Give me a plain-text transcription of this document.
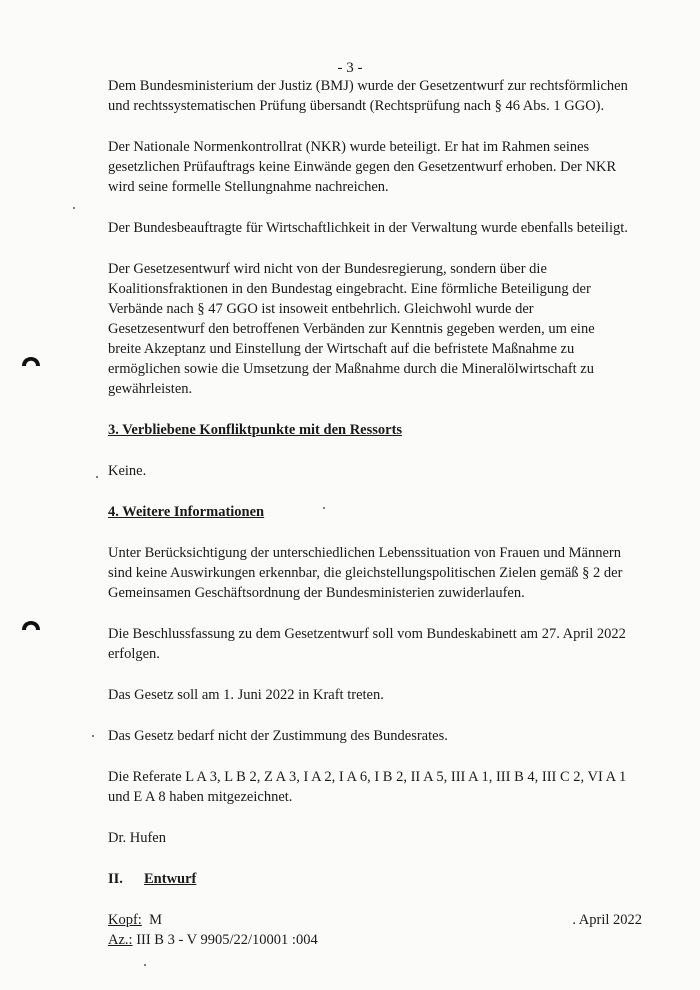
- 3 -

Dem Bundesministerium der Justiz (BMJ) wurde der Gesetzentwurf zur rechtsförmlichen und rechtssystematischen Prüfung übersandt (Rechtsprüfung nach § 46 Abs. 1 GGO).

Der Nationale Normenkontrollrat (NKR) wurde beteiligt. Er hat im Rahmen seines gesetzlichen Prüfauftrags keine Einwände gegen den Gesetzentwurf erhoben. Der NKR wird seine formelle Stellungnahme nachreichen.

Der Bundesbeauftragte für Wirtschaftlichkeit in der Verwaltung wurde ebenfalls beteiligt.

Der Gesetzesentwurf wird nicht von der Bundesregierung, sondern über die Koalitionsfraktionen in den Bundestag eingebracht. Eine förmliche Beteiligung der Verbände nach § 47 GGO ist insoweit entbehrlich. Gleichwohl wurde der Gesetzesentwurf den betroffenen Verbänden zur Kenntnis gegeben werden, um eine breite Akzeptanz und Einstellung der Wirtschaft auf die befristete Maßnahme zu ermöglichen sowie die Umsetzung der Maßnahme durch die Mineralölwirtschaft zu gewährleisten.

3. Verbliebene Konfliktpunkte mit den Ressorts

Keine.

4. Weitere Informationen

Unter Berücksichtigung der unterschiedlichen Lebenssituation von Frauen und Männern sind keine Auswirkungen erkennbar, die gleichstellungspolitischen Zielen gemäß § 2 der Gemeinsamen Geschäftsordnung der Bundesministerien zuwiderlaufen.

Die Beschlussfassung zu dem Gesetzentwurf soll vom Bundeskabinett am 27. April 2022 erfolgen.

Das Gesetz soll am 1. Juni 2022 in Kraft treten.

Das Gesetz bedarf nicht der Zustimmung des Bundesrates.

Die Referate L A 3, L B 2, Z A 3, I A 2, I A 6, I B 2, II A 5, III A 1, III B 4, III C 2, VI A 1 und E A 8 haben mitgezeichnet.

Dr. Hufen

II. Entwurf

Kopf: M
Az.: III B 3 - V 9905/22/10001 :004
. April 2022
